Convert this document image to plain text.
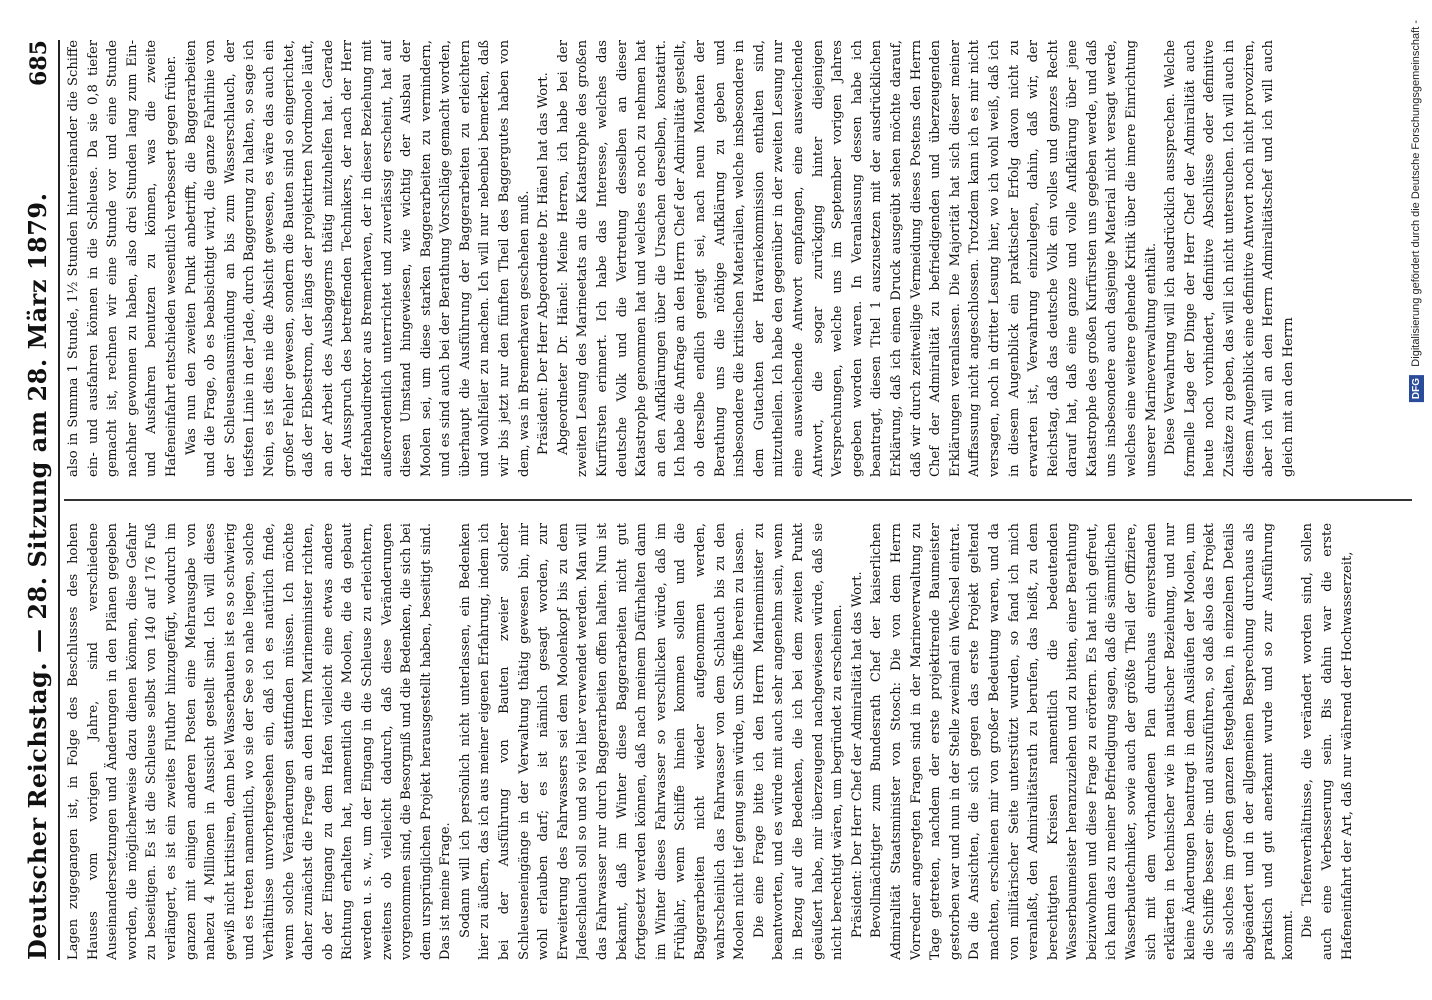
Deutscher Reichstag. — 28. Sitzung am 28. März 1879.
685

Lagen zugegangen ist, in Folge des Beschlusses des hohen Hauses vom vorigen Jahre, sind verschiedene Auseinandersetzungen und Änderungen in den Plänen gegeben worden, die möglicherweise dazu dienen können, diese Gefahr zu beseitigen. Es ist die Schleuse selbst von 140 auf 176 Fuß verlängert, es ist ein zweites Fluthor hinzugefügt, wodurch im ganzen mit einigen anderen Posten eine Mehrausgabe von nahezu 4 Millionen in Aussicht gestellt sind. Ich will dieses gewiß nicht kritisiren, denn bei Wasserbauten ist es so schwierig und es treten namentlich, wo sie der See so nahe liegen, solche Verhältnisse unvorhergesehen ein, daß ich es natürlich finde, wenn solche Veränderungen stattfinden müssen. Ich möchte daher zunächst die Frage an den Herrn Marineminister richten, ob der Eingang zu dem Hafen vielleicht eine etwas andere Richtung erhalten hat, namentlich die Moolen, die da gebaut werden u. s. w., um der Eingang in die Schleuse zu erleichtern, zweitens ob vielleicht dadurch, daß diese Veränderungen vorgenommen sind, die Besorgniß und die Bedenken, die sich bei dem ursprünglichen Projekt herausgestellt haben, beseitigt sind. Das ist meine Frage. Sodann will ich persönlich nicht unterlassen, ein Bedenken hier zu äußern, das ich aus meiner eigenen Erfahrung, indem ich bei der Ausführung von Bauten zweier solcher Schleuseneingänge in der Verwaltung thätig gewesen bin, mir wohl erlauben darf; es ist nämlich gesagt worden, zur Erweiterung des Fahrwassers sei dem Moolenkopf bis zu dem Jadeschlauch soll so und so viel hier verwendet werden. Man will das Fahrwasser nur durch Baggerarbeiten offen halten. Nun ist bekannt, daß im Winter diese Baggerarbeiten nicht gut fortgesetzt werden können, daß nach meinem Dafürhalten dann im Winter dieses Fahrwasser so verschlicken würde, daß im Frühjahr, wenn Schiffe hinein kommen sollen und die Baggerarbeiten nicht wieder aufgenommen werden, wahrscheinlich das Fahrwasser von dem Schlauch bis zu den Moolen nicht tief genug sein würde, um Schiffe herein zu lassen. Die eine Frage bitte ich den Herrn Marineminister zu beantworten, und es würde mit auch sehr angenehm sein, wenn in Bezug auf die Bedenken, die ich bei dem zweiten Punkt geäußert habe, mir überzeugend nachgewiesen würde, daß sie nicht berechtigt wären, um begründet zu erscheinen. Präsident: Der Herr Chef der Admiralität hat das Wort. Bevollmächtigter zum Bundesrath Chef der kaiserlichen Admiralität Staatsminister von Stosch: Die von dem Herrn Vorredner angeregten Fragen sind in der Marineverwaltung zu Tage getreten, nachdem der erste projektirende Baumeister gestorben war und nun in der Stelle zweimal ein Wechsel eintrat. Da die Ansichten, die sich gegen das erste Projekt geltend machten, erschienen mir von großer Bedeutung waren, und da von militärischer Seite unterstützt wurden, so fand ich mich veranlaßt, den Admiralitätsrath zu berufen, das heißt, zu dem berechtigten Kreisen namentlich die bedeutenden Wasserbaumeister heranzuziehen und zu bitten, einer Berathung beizuwohnen und diese Frage zu erörtern. Es hat mich gefreut, ich kann das zu meiner Befriedigung sagen, daß die sämmtlichen Wasserbautechniker, sowie auch der größte Theil der Offiziere, sich mit dem vorhandenen Plan durchaus einverstanden erklärten in technischer wie in nautischer Beziehung, und nur kleine Änderungen beantragt in dem Ausläufen der Moolen, um die Schiffe besser ein- und auszuführen, so daß also das Projekt als solches im großen ganzen festgehalten, in einzelnen Details abgeändert und in der allgemeinen Besprechung durchaus als praktisch und gut anerkannt wurde und so zur Ausführung kommt. Die Tiefenverhältnisse, die verändert worden sind, sollen auch eine Verbesserung sein. Bis dahin war die erste Hafeneinfahrt der Art, daß nur während der Hochwasserzeit,

also in Summa 1 Stunde, 1½ Stunden hintereinander die Schiffe ein- und ausfahren können in die Schleuse. Da sie 0,8 tiefer gemacht ist, rechnen wir eine Stunde vor und eine Stunde nachher gewonnen zu haben, also drei Stunden lang zum Ein- und Ausfahren benutzen zu können, was die zweite Hafeneinfahrt entschieden wesentlich verbessert gegen früher. Was nun den zweiten Punkt anbetrifft, die Baggerarbeiten und die Frage, ob es beabsichtigt wird, die ganze Fahrlinie von der Schleusenausmündung an bis zum Wasserschlauch, der tiefsten Linie in der Jade, durch Baggerung zu halten, so sage ich Nein, es ist dies nie die Absicht gewesen, es wäre das auch ein großer Fehler gewesen, sondern die Bauten sind so eingerichtet, daß der Ebbestrom, der längs der projektirten Nordmoole läuft, an der Arbeit des Ausbaggerns thätig mitzuhelfen hat. Gerade der Ausspruch des betreffenden Technikers, der nach der Herr Hafenbaudirektor aus Bremerhaven, der in dieser Beziehung mit außerordentlich unterrichtet und zuverlässig erscheint, hat auf diesen Umstand hingewiesen, wie wichtig der Ausbau der Moolen sei, um diese starken Baggerarbeiten zu vermindern, und es sind auch bei der Berathung Vorschläge gemacht worden, überhaupt die Ausführung der Baggerarbeiten zu erleichtern und wohlfeiler zu machen. Ich will nur nebenbei bemerken, daß wir bis jetzt nur den fünften Theil des Baggergutes haben von dem, was in Bremerhaven geschehen muß. Präsident: Der Herr Abgeordnete Dr. Hänel hat das Wort. Abgeordneter Dr. Hänel: Meine Herren, ich habe bei der zweiten Lesung des Marineetats an die Katastrophe des großen Kurfürsten erinnert. Ich habe das Interesse, welches das deutsche Volk und die Vertretung desselben an dieser Katastrophe genommen hat und welches es noch zu nehmen hat an den Aufklärungen über die Ursachen derselben, konstatirt. Ich habe die Anfrage an den Herrn Chef der Admiralität gestellt, ob derselbe endlich geneigt sei, nach neun Monaten der Berathung uns die nöthige Aufklärung zu geben und insbesondere die kritischen Materialien, welche insbesondere in dem Gutachten der Havariekommission enthalten sind, mitzutheilen. Ich habe den gegenüber in der zweiten Lesung nur eine ausweichende Antwort empfangen, eine ausweichende Antwort, die sogar zurückging hinter diejenigen Versprechungen, welche uns im September vorigen Jahres gegeben worden waren. In Veranlassung dessen habe ich beantragt, diesen Titel 1 auszusetzen mit der ausdrücklichen Erklärung, daß ich einen Druck ausgeübt sehen möchte darauf, daß wir durch zeitweilige Vermeidung dieses Postens den Herrn Chef der Admiralität zu befriedigenden und überzeugenden Erklärungen veranlassen. Die Majorität hat sich dieser meiner Auffassung nicht angeschlossen. Trotzdem kann ich es mir nicht versagen, noch in dritter Lesung hier, wo ich wohl weiß, daß ich in diesem Augenblick ein praktischer Erfolg davon nicht zu erwarten ist, Verwahrung einzulegen, dahin, daß wir, der Reichstag, daß das deutsche Volk ein volles und ganzes Recht darauf hat, daß eine ganze und volle Aufklärung über jene Katastrophe des großen Kurfürsten uns gegeben werde, und daß uns insbesondere auch dasjenige Material nicht versagt werde, welches eine weitere gehende Kritik über die innere Einrichtung unserer Marineverwaltung enthält. Diese Verwahrung will ich ausdrücklich aussprechen. Welche formelle Lage der Dinge der Herr Chef der Admiralität auch heute noch vorhindert, definitive Abschlüsse oder definitive Zusätze zu geben, das will ich nicht untersuchen. Ich will auch in diesem Augenblick eine definitive Antwort noch nicht provoziren, aber ich will an den Herrn Admiralitätschef und ich will auch gleich mit an den Herrn

Digitalisierung gefördert durch die Deutsche Forschungsgemeinschaft -
DFG
